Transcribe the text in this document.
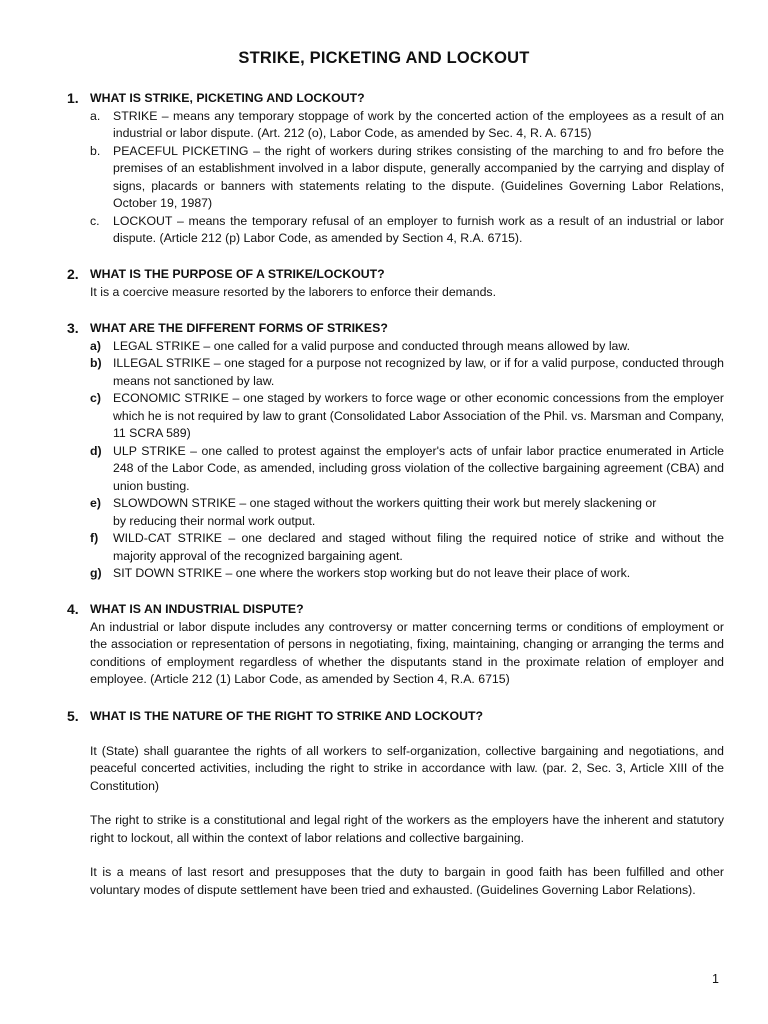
STRIKE, PICKETING AND LOCKOUT
1. WHAT IS STRIKE, PICKETING AND LOCKOUT?
a. STRIKE – means any temporary stoppage of work by the concerted action of the employees as a result of an industrial or labor dispute. (Art. 212 (o), Labor Code, as amended by Sec. 4, R. A. 6715)
b. PEACEFUL PICKETING – the right of workers during strikes consisting of the marching to and fro before the premises of an establishment involved in a labor dispute, generally accompanied by the carrying and display of signs, placards or banners with statements relating to the dispute. (Guidelines Governing Labor Relations, October 19, 1987)
c. LOCKOUT – means the temporary refusal of an employer to furnish work as a result of an industrial or labor dispute. (Article 212 (p) Labor Code, as amended by Section 4, R.A. 6715).
2. WHAT IS THE PURPOSE OF A STRIKE/LOCKOUT?
It is a coercive measure resorted by the laborers to enforce their demands.
3. WHAT ARE THE DIFFERENT FORMS OF STRIKES?
a) LEGAL STRIKE – one called for a valid purpose and conducted through means allowed by law.
b) ILLEGAL STRIKE – one staged for a purpose not recognized by law, or if for a valid purpose, conducted through means not sanctioned by law.
c) ECONOMIC STRIKE – one staged by workers to force wage or other economic concessions from the employer which he is not required by law to grant (Consolidated Labor Association of the Phil. vs. Marsman and Company, 11 SCRA 589)
d) ULP STRIKE – one called to protest against the employer's acts of unfair labor practice enumerated in Article 248 of the Labor Code, as amended, including gross violation of the collective bargaining agreement (CBA) and union busting.
e) SLOWDOWN STRIKE – one staged without the workers quitting their work but merely slackening or
by reducing their normal work output.
f) WILD-CAT STRIKE – one declared and staged without filing the required notice of strike and without the majority approval of the recognized bargaining agent.
g) SIT DOWN STRIKE – one where the workers stop working but do not leave their place of work.
4. WHAT IS AN INDUSTRIAL DISPUTE?
An industrial or labor dispute includes any controversy or matter concerning terms or conditions of employment or the association or representation of persons in negotiating, fixing, maintaining, changing or arranging the terms and conditions of employment regardless of whether the disputants stand in the proximate relation of employer and employee. (Article 212 (1) Labor Code, as amended by Section 4, R.A. 6715)
5. WHAT IS THE NATURE OF THE RIGHT TO STRIKE AND LOCKOUT?
It (State) shall guarantee the rights of all workers to self-organization, collective bargaining and negotiations, and peaceful concerted activities, including the right to strike in accordance with law. (par. 2, Sec. 3, Article XIII of the Constitution)
The right to strike is a constitutional and legal right of the workers as the employers have the inherent and statutory right to lockout, all within the context of labor relations and collective bargaining.
It is a means of last resort and presupposes that the duty to bargain in good faith has been fulfilled and other voluntary modes of dispute settlement have been tried and exhausted. (Guidelines Governing Labor Relations).
1
